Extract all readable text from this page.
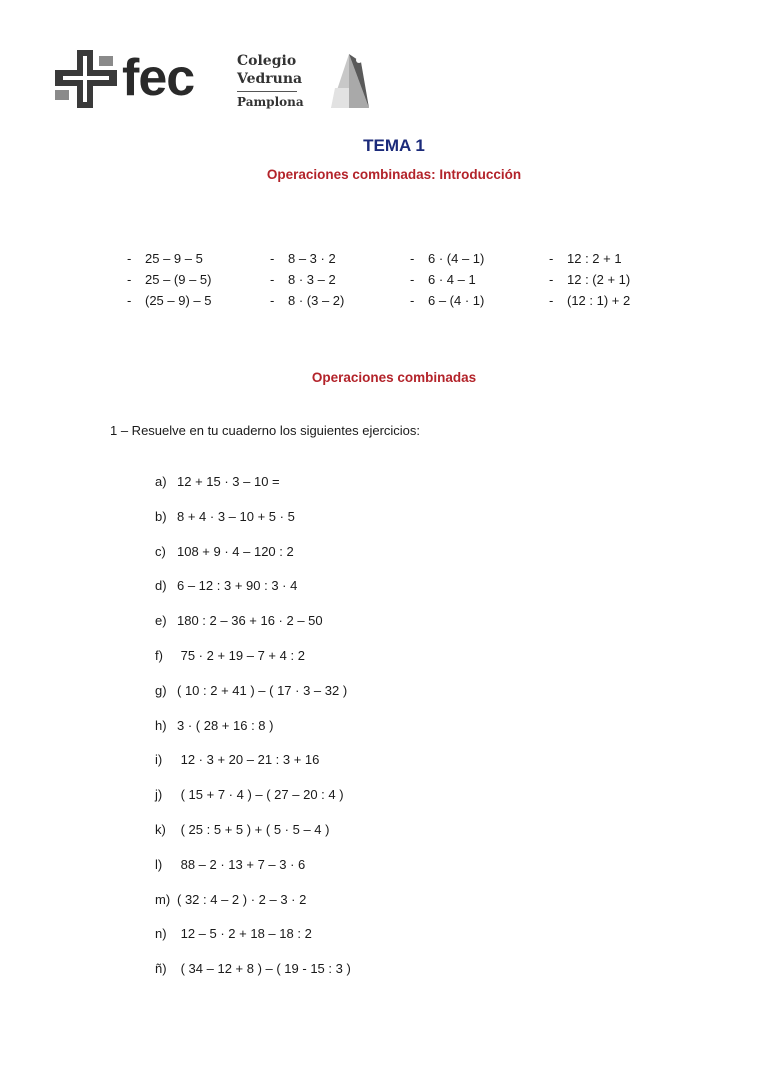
fec	Colegio
Vedruna
Pamplona
TEMA 1
Operaciones combinadas: Introducción
- 25 – 9 – 5
- 25 – (9 – 5)
- (25 – 9) – 5
- 8 – 3 · 2
- 8 · 3 – 2
- 8 · (3 – 2)
- 6 · (4 – 1)
- 6 · 4 – 1
- 6 – (4 · 1)
- 12 : 2 + 1
- 12 : (2 + 1)
- (12 : 1) + 2
Operaciones combinadas
1 – Resuelve en tu cuaderno los siguientes ejercicios:
a) 12 + 15 · 3 – 10 =
b) 8 + 4 · 3 – 10 + 5 · 5
c) 108 + 9 · 4 – 120 : 2
d) 6 – 12 : 3 + 90 : 3 · 4
e) 180 : 2 – 36 + 16 · 2 – 50
f) 75 · 2 + 19 – 7 + 4 : 2
g) ( 10 : 2 + 41 ) – ( 17 · 3 – 32 )
h) 3 · ( 28 + 16 : 8 )
i) 12 · 3 + 20 – 21 : 3 + 16
j) ( 15 + 7 · 4 ) – ( 27 – 20 : 4 )
k) ( 25 : 5 + 5 ) + ( 5 · 5 – 4 )
l) 88 – 2 · 13 + 7 – 3 · 6
m) ( 32 : 4 – 2 ) · 2 – 3 · 2
n) 12 – 5 · 2 + 18 – 18 : 2
ñ) ( 34 – 12 + 8 ) – ( 19 - 15 : 3 )
